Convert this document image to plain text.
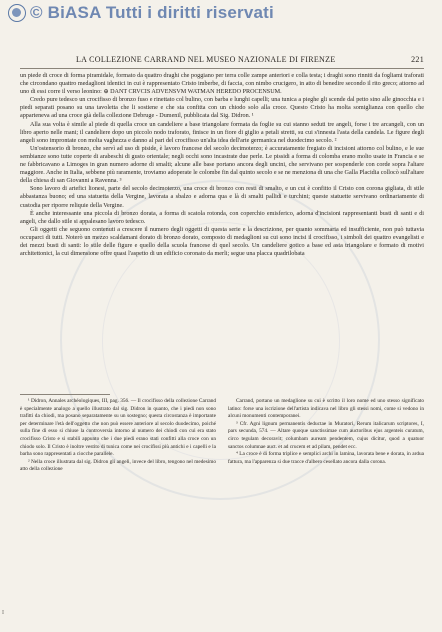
© BiASA Tutti i diritti riservati
LA COLLEZIONE CARRAND NEL MUSEO NAZIONALE DI FIRENZE	221

un piede di croce di forma piramidale, formato da quattro draghi che poggiano per terra colle zampe anteriori e colla testa; i draghi sono rinniti da fogliami traforati che circondano quattro medaglioni identici in cui è rappresentato Cristo imberbe, di faccia, con nimbo crucigero, in atto di benedire secondo il rito greco; attorno ad uno di essi corre il verso leonino: ⊕ DANT CRVCIS ADVENSVM WATMAN HEREDO PROCENSUM.

Credo pure tedesco un crocifisso di bronzo fuso e rinettato col bulino, con barba e lunghi capelli; una tunica a pieghe gli scende dal petto sino alle ginocchia e i piedi separati posano su una tavoletta che li sostiene e che sta confitta con un chiodo solo alla croce. Questo Cristo ha molta somiglianza con quello che apparteneva ad una croce già della collezione Debruge - Dumenil, pubblicata dal Sig. Didron. ¹

Alla sua volta è simile al piede di quella croce un candeliere a base triangolare formata da foglie su cui stanno seduti tre angeli, forse i tre arcangeli, con un libro aperto nelle mani; il candeliere dopo un piccolo nodo traforato, finisce in un fiore di giglio a petali stretti, su cui s'innesta l'asta della candela. Le figure degli angeli sono improntate con molta vaghezza e danno al pari del crocifisso un'alta idea dell'arte germanica nel duodecimo secolo. ²

Un'ostensorio di bronzo, che servì ad uso di piside, è lavoro francese del secolo decimoterzo; è accuratamente fregiato di incisioni attorno col bulino, e le sue sembianze sono tutte coperte di arabeschi di gusto orientale; negli occhi sono incastrate due perle. Le pissidi a forma di colomba erano molto usate in Francia e se ne fabbricavano a Limoges in gran numero adorne di smalti; alcune alle base portano ancora degli uncini, che servivano per sospenderle con corde sopra l'altare maggiore. Anche in Italia, sebbene più raramente, troviamo adoperate le colombe fin dal quinto secolo e se ne menziona di una che Galla Placidia collocò sull'altare della chiesa di san Giovanni a Ravenna. ³

Sono lavoro di artefici lionesi, parte del secolo decimoterzo, una croce di bronzo con resti di smalto, e un cui è confitto il Cristo con corona gigliata, di stile abbastanza buono; ed una statuetta della Vergine, lavorata a sbalzo e adorna qua e là di smalti pallidi e turchini; queste statuette servivano ordinariamente di custodia per riporre reliquie della Vergine.

È anche interessante una piccola di bronzo dorata, a forma di scatola rotonda, con coperchio emisferico, adorna d'incisioni rappresentanti busti di santi e di angeli, che dallo stile si appalesano lavoro tedesco.

Gli oggetti che seguono contenuti a crescere il numero degli oggetti di questa serie e la descrizione, per quanto sommaria ed insufficiente, non può tuttavia occuparci di tutti. Noterò un mezzo scaldamani dorato di bronzo dorato, composto di medaglioni su cui sono incisi il crocifisso, i simboli dei quattro evangelisti e dei mezzi busti di santi: lo stile delle figure e quello della scuola francese di quel secolo. Un candeliere gotico a base ed asta triangolare e formato di motivi architettonici, la cui dimensione offre quasi l'aspetto di un edificio coronato da merli; segue una placca quadrilobata

¹ Didron, Annales archéologiques, III, pag. 356. — Il crocifisso della collezione Carrand è specialmente analogo a quello illustrato dal sig. Didron in quanto, che i piedi non sono trafitti da chiodi, ma posano separatamente su un sostegno; questa circostanza è importante per determinare l'età dell'oggetto che non può essere anteriore al secolo duodecimo, poiché sulla fine di esso si chiuse la controversia intorno al numero dei chiodi con cui era stato crocifisso Cristo e si stabilì appunto che i due piedi erano stati confitti alla croce con un chiodo solo. Il Cristo è inoltre vestito di tunica come nei crocifissi più antichi e i capelli e la barba sono rappresentati a ciocche parallele.

² Nella croce illustrata dal sig. Didron gli angeli, invece del libro, tengono nel medesimo atto della collezione

Carrand, portano un medaglione su cui è scritto il loro nome ed uno stesso significato latino: forse una iscrizione dell'artista indicava nel libro gli stessi nomi, come si vedono in alcuni monumenti contemporanei.

³ Cfr. Agni lignum permanentis deductae in Muratori, Rerum italicarum scriptores, I, pars secunda, 574. — Altare quoque sanctissimae cum auctoribus ejus argenteis curatum, circo tegulam decoravit; columbam auream pendentem, cujus dicitur, quod a quatuor sanctos columnae auct. et ad crucem et ad pilam, pendet ecc.

⁴ La croce è di forma triplice e semplici archi in lamina, lavorata bene e dorata, in ardua fattura, ma l'apparenza si due tracce d'albero cesellato ancora dalla corona.

I
